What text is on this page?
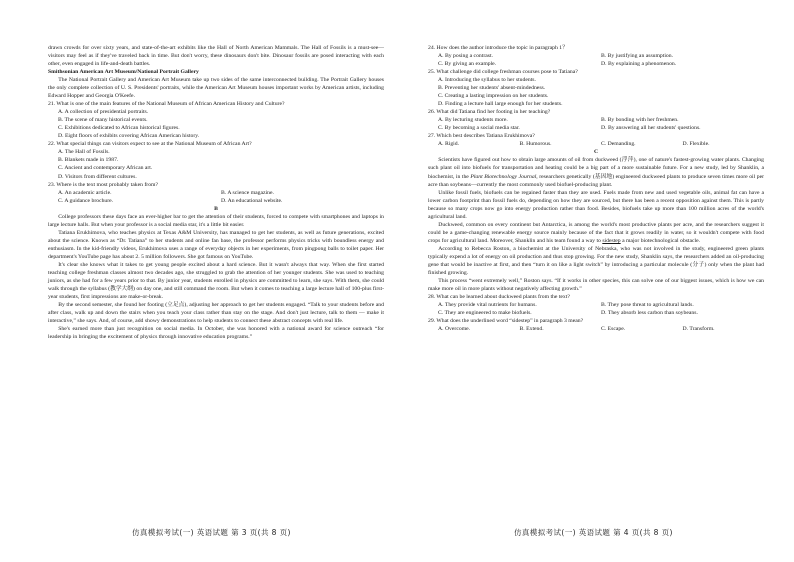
drawn crowds for over sixty years, and state-of-the-art exhibits like the Hall of North American Mammals. The Hall of Fossils is a must-see—visitors may feel as if they've traveled back in time. But don't worry, these dinosaurs don't bite. Dinosaur fossils are posed interacting with each other, even engaged in life-and-death battles.

Smithsonian American Art Museum/National Portrait Gallery

The National Portrait Gallery and American Art Museum take up two sides of the same interconnected building. The Portrait Gallery houses the only complete collection of U. S. Presidents' portraits, while the American Art Museum houses important works by American artists, including Edward Hopper and Georgia O'Keefe.

21. What is one of the main features of the National Museum of African American History and Culture?

A. A collection of presidential portraits.

B. The scene of many historical events.

C. Exhibitions dedicated to African historical figures.

D. Eight floors of exhibits covering African American history.

22. What special things can visitors expect to see at the National Museum of African Art?

A. The Hall of Fossils.

B. Blankets made in 1987.

C. Ancient and contemporary African art.

D. Visitors from different cultures.

23. Where is the text most probably taken from?

A. An academic article.	B. A science magazine.
C. A guidance brochure.	D. An educational website.

B

College professors these days face an ever-higher bar to get the attention of their students, forced to compete with smartphones and laptops in large lecture halls. But when your professor is a social media star, it's a little bit easier.

Tatiana Erukhimova, who teaches physics at Texas A&M University, has managed to get her students, as well as future generations, excited about the science. Known as “Dr. Tatiana” to her students and online fan base, the professor performs physics tricks with boundless energy and enthusiasm. In the kid-friendly videos, Erukhimova uses a range of everyday objects in her experiments, from pingpong balls to toilet paper. Her department's YouTube page has about 2. 5 million followers. She got famous on YouTube.

It's clear she knows what it takes to get young people excited about a hard science. But it wasn't always that way. When she first started teaching college freshman classes almost two decades ago, she struggled to grab the attention of her younger students. She was used to teaching juniors, as she had for a few years prior to that. By junior year, students enrolled in physics are committed to learn, she says. With them, she could walk through the syllabus (教学大纲) on day one, and still command the room. But when it comes to teaching a large lecture hall of 100-plus first-year students, first impressions are make-or-break.

By the second semester, she found her footing (立足点), adjusting her approach to get her students engaged. “Talk to your students before and after class, walk up and down the stairs when you teach your class rather than stay on the stage. And don't just lecture, talk to them — make it interactive,” she says. And, of course, add showy demonstrations to help students to connect these abstract concepts with real life.

She's earned more than just recognition on social media. In October, she was honored with a national award for science outreach “for leadership in bringing the excitement of physics through innovative education programs.”

仿真模拟考试(一) 英语试题 第 3 页(共 8 页)

24. How does the author introduce the topic in paragraph 1？

A. By posing a contrast.	B. By justifying an assumption.
C. By giving an example.	D. By explaining a phenomenon.

25. What challenge did college freshman courses pose to Tatiana?

A. Introducing the syllabus to her students.

B. Preventing her students' absent-mindedness.

C. Creating a lasting impression on her students.

D. Finding a lecture hall large enough for her students.

26. What did Tatiana find her footing in her teaching?

A. By lecturing students more.	B. By bonding with her freshmen.
C. By becoming a social media star.	D. By answering all her students' questions.

27. Which best describes Tatiana Erukhimova?

A. Rigid.	B. Humorous.	C. Demanding.	D. Flexible.

C

Scientists have figured out how to obtain large amounts of oil from duckweed (浮萍), one of nature's fastest-growing water plants. Changing such plant oil into biofuels for transportation and heating could be a big part of a more sustainable future. For a new study, led by Shanklin, a biochemist, in the Plant Biotechnology Journal, researchers genetically (基因地) engineered duckweed plants to produce seven times more oil per acre than soybeans—currently the most commonly used biofuel-producing plant.

Unlike fossil fuels, biofuels can be regained faster than they are used. Fuels made from new and used vegetable oils, animal fat can have a lower carbon footprint than fossil fuels do, depending on how they are sourced, but there has been a recent opposition against them. This is partly because so many crops now go into energy production rather than food. Besides, biofuels take up more than 100 million acres of the world's agricultural land.

Duckweed, common on every continent but Antarctica, is among the world's most productive plants per acre, and the researchers suggest it could be a game-changing renewable energy source mainly because of the fact that it grows readily in water, so it wouldn't compete with food crops for agricultural land. Moreover, Shanklin and his team found a way to sidestep a major biotechnological obstacle.

According to Rebecca Roston, a biochemist at the University of Nebraska, who was not involved in the study, engineered green plants typically expend a lot of energy on oil production and thus stop growing. For the new study, Shanklin says, the researchers added an oil-producing gene that would be inactive at first, and then “turn it on like a light switch” by introducing a particular molecule (分子) only when the plant had finished growing.

This process “went extremely well,” Roston says. “If it works in other species, this can solve one of our biggest issues, which is how we can make more oil in more plants without negatively affecting growth.”

28. What can be learned about duckweed plants from the text?

A. They provide vital nutrients for humans.	B. They pose threat to agricultural lands.
C. They are engineered to make biofuels.	D. They absorb less carbon than soybeans.

29. What does the underlined word “sidestep” in paragraph 3 mean?

A. Overcome.	B. Extend.	C. Escape.	D. Transform.
仿真模拟考试(一) 英语试题 第 4 页(共 8 页)
